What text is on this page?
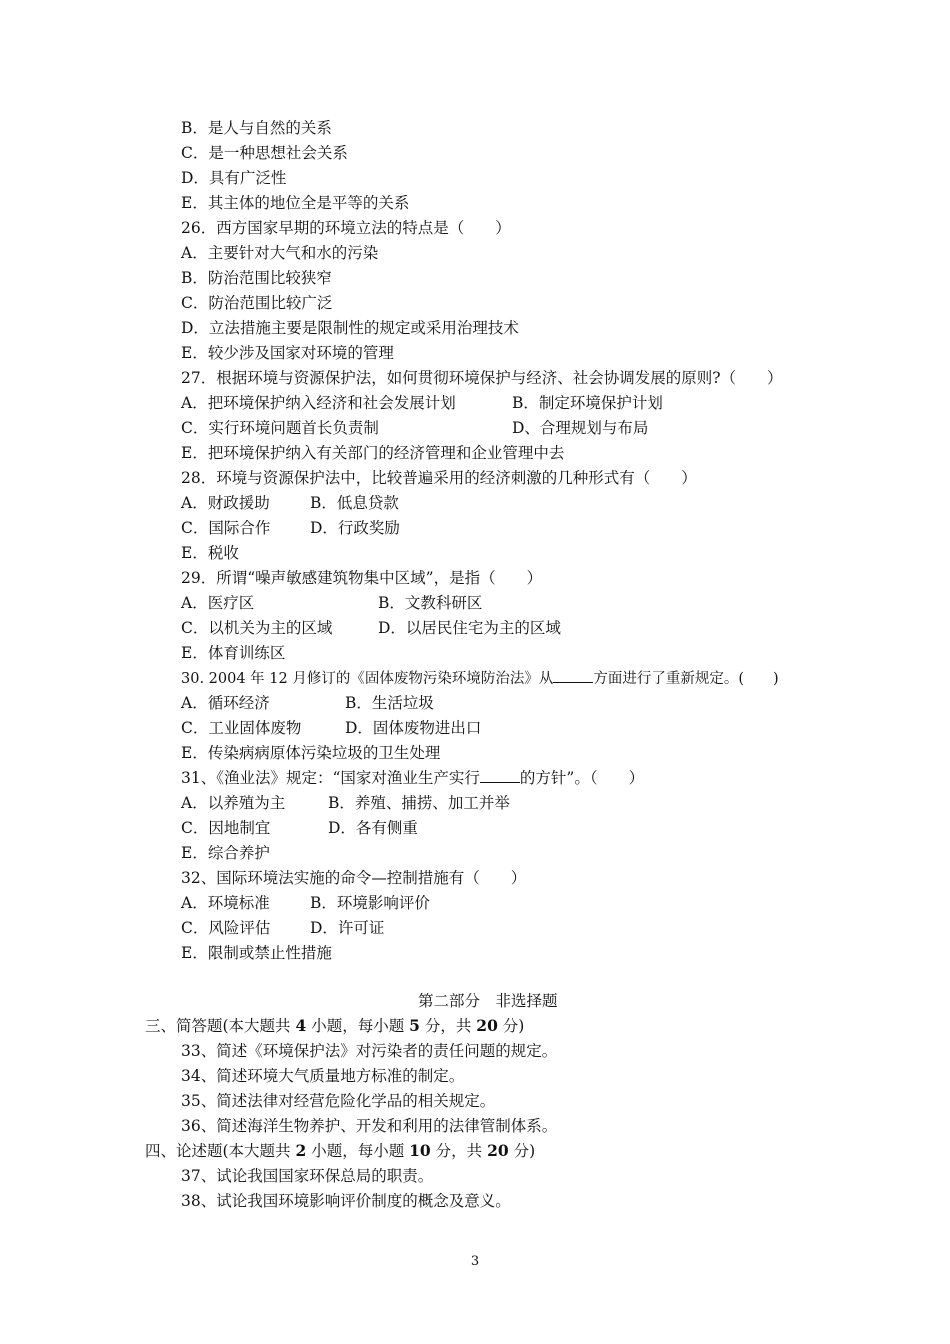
B．是人与自然的关系
C．是一种思想社会关系
D．具有广泛性
E．其主体的地位全是平等的关系
26．西方国家早期的环境立法的特点是（　　）
A．主要针对大气和水的污染
B．防治范围比较狭窄
C．防治范围比较广泛
D．立法措施主要是限制性的规定或采用治理技术
E．较少涉及国家对环境的管理
27．根据环境与资源保护法，如何贯彻环境保护与经济、社会协调发展的原则?（　　）
A．把环境保护纳入经济和社会发展计划	B．制定环境保护计划
C．实行环境问题首长负责制	D、合理规划与布局
E．把环境保护纳入有关部门的经济管理和企业管理中去
28．环境与资源保护法中，比较普遍采用的经济刺激的几种形式有（　　）
A．财政援助	B．低息贷款
C．国际合作	D．行政奖励
E．税收
29．所谓“噪声敏感建筑物集中区域”，是指（　　）
A．医疗区	B．文教科研区
C．以机关为主的区域	D．以居民住宅为主的区域
E．体育训练区
30. 2004 年 12 月修订的《固体废物污染环境防治法》从	方面进行了重新规定。(　　)
A．循环经济	B．生活垃圾
C．工业固体废物	D．固体废物进出口
E．传染病病原体污染垃圾的卫生处理
31、《渔业法》规定：“国家对渔业生产实行	的方针”。（　　）
A．以养殖为主	B．养殖、捕捞、加工并举
C．因地制宜	D．各有侧重
E．综合养护
32、国际环境法实施的命令—控制措施有（　　）
A．环境标准	B．环境影响评价
C．风险评估	D．许可证
E．限制或禁止性措施
第二部分　非选择题
三、简答题(本大题共 4 小题，每小题 5 分，共 20 分)
33、简述《环境保护法》对污染者的责任问题的规定。
34、简述环境大气质量地方标准的制定。
35、简述法律对经营危险化学品的相关规定。
36、简述海洋生物养护、开发和利用的法律管制体系。
四、论述题(本大题共 2 小题，每小题 10 分，共 20 分)
37、试论我国国家环保总局的职责。
38、试论我国环境影响评价制度的概念及意义。
3
